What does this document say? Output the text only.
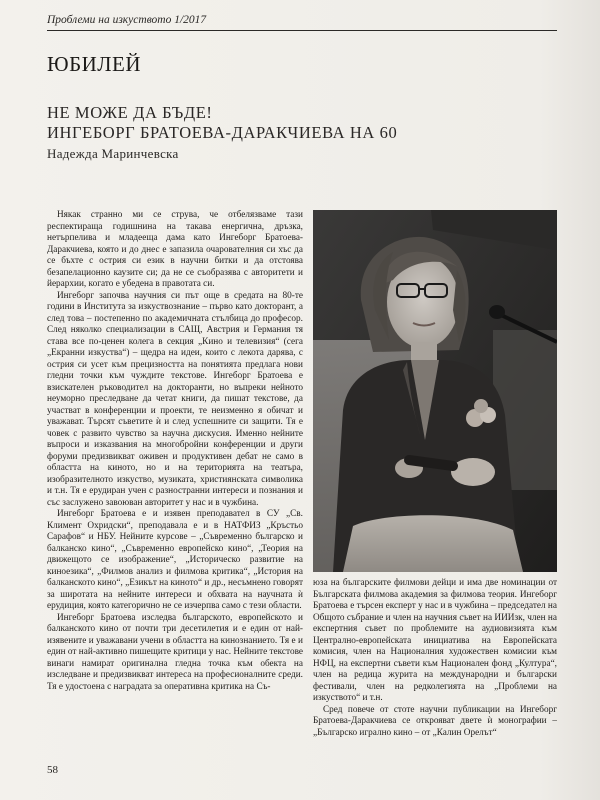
Проблеми на изкуството 1/2017
ЮБИЛЕЙ
НЕ МОЖЕ ДА БЪДЕ!
ИНГЕБОРГ БРАТОЕВА-ДАРАКЧИЕВА НА 60
Надежда Маринчевска

Някак странно ми се струва, че отбелязваме тази респектираща годишнина на такава енергична, дръзка, нетърпелива и младееща дама като Ингеборг Братоева-Даракчиева, която и до днес е запазила очарователния си хъс да се бъхте с острия си език в научни битки и да отстоява безапелационно каузите си; да не се съобразява с авторитети и йерархии, когато е убедена в правотата си.

Ингеборг започва научния си път още в средата на 80-те години в Института за изкуствознание – първо като докторант, а след това – постепенно по академичната стълбица до професор. След няколко специализации в САЩ, Австрия и Германия тя става все по-ценен колега в секция „Кино и телевизия“ (сега „Екранни изкуства“) – щедра на идеи, които с лекота дарява, с острия си усет към прецизността на понятията предлага нови гледни точки към чуждите текстове. Ингеборг Братоева е взискателен ръководител на докторанти, но въпреки нейното неуморно преследване да четат книги, да пишат текстове, да участват в конференции и проекти, те неизменно я обичат и уважават. Търсят съветите ѝ и след успешните си защити. Тя е човек с развито чувство за научна дискусия. Именно нейните въпроси и изказвания на многобройни конференции и други форуми предизвикват оживен и продуктивен дебат не само в областта на киното, но и на територията на театъра, изобразителното изкуство, музиката, християнската символика и т.н. Тя е ерудиран учен с разностранни интереси и познания и със заслужено завоюван авторитет у нас и в чужбина.

Ингеборг Братоева е и изявен преподавател в СУ „Св. Климент Охридски“, преподавала е и в НАТФИЗ „Кръстьо Сарафов“ и НБУ. Нейните курсове – „Съвременно българско и балканско кино“, „Съвременно европейско кино“, „Теория на движещото се изображение“, „Историческо развитие на киноезика“, „Филмов анализ и филмова критика“, „История на балканското кино“, „Езикът на киното“ и др., несъмнено говорят за широтата на нейните интереси и обхвата на научната ѝ ерудиция, която категорично не се изчерпва само с тези области.

Ингеборг Братоева изследва българското, европейското и балканското кино от почти три десетилетия и е един от най-изявените и уважавани учени в областта на кинознанието. Тя е и един от най-активно пишещите критици у нас. Нейните текстове винаги намират оригинална гледна точка към обекта на изследване и предизвикват интереса на професионалните среди. Тя е удостоена с наградата за оперативна критика на Съ-

юза на българските филмови дейци и има две номинации от Българската филмова академия за филмова теория. Ингеборг Братоева е търсен експерт у нас и в чужбина – председател на Общото събрание и член на научния съвет на ИИИзк, член на експертния съвет по проблемите на аудиовизията към Централно-европейската инициатива на Европейската комисия, член на Националния художествен комисии към НФЦ, на експертни съвети към Национален фонд „Култура“, член на редица журита на международни и български фестивали, член на редколегията на „Проблеми на изкуството“ и т.н.

Сред повече от стоте научни публикации на Ингеборг Братоева-Даракчиева се открояват двете ѝ монографии – „Българско игрално кино – от „Калин Орелът“

58
